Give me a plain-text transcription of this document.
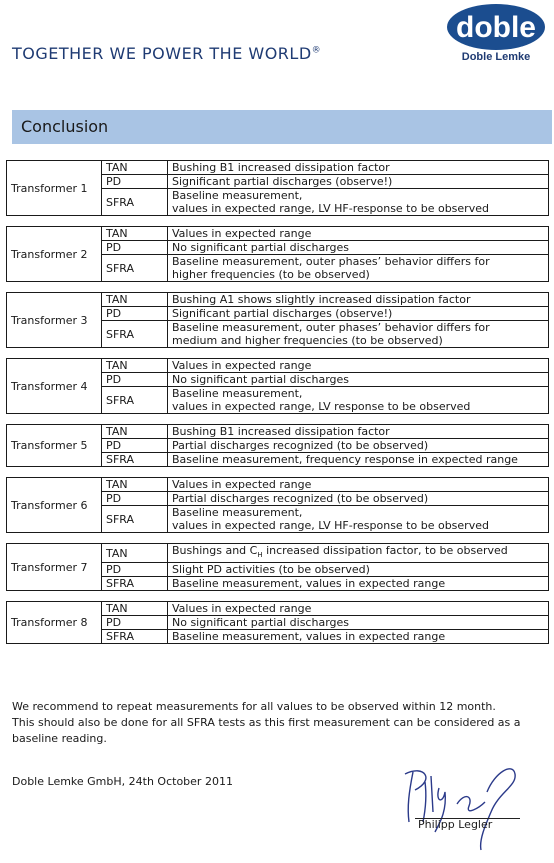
TOGETHER WE POWER THE WORLD®
doble
Doble Lemke
Conclusion
Transformer 1	TAN	Bushing B1 increased dissipation factor
	PD	Significant partial discharges (observe!)
	SFRA	Baseline measurement,
values in expected range, LV HF-response to be observed
Transformer 2	TAN	Values in expected range
	PD	No significant partial discharges
	SFRA	Baseline measurement, outer phases’ behavior differs for
higher frequencies (to be observed)
Transformer 3	TAN	Bushing A1 shows slightly increased dissipation factor
	PD	Significant partial discharges (observe!)
	SFRA	Baseline measurement, outer phases’ behavior differs for
medium and higher frequencies (to be observed)
Transformer 4	TAN	Values in expected range
	PD	No significant partial discharges
	SFRA	Baseline measurement,
values in expected range, LV response to be observed
Transformer 5	TAN	Bushing B1 increased dissipation factor
	PD	Partial discharges recognized (to be observed)
	SFRA	Baseline measurement, frequency response in expected range
Transformer 6	TAN	Values in expected range
	PD	Partial discharges recognized (to be observed)
	SFRA	Baseline measurement,
values in expected range, LV HF-response to be observed
Transformer 7	TAN	Bushings and $C_H$ increased dissipation factor, to be observed
	PD	Slight PD activities (to be observed)
	SFRA	Baseline measurement, values in expected range
Transformer 8	TAN	Values in expected range
	PD	No significant partial discharges
	SFRA	Baseline measurement, values in expected range
We recommend to repeat measurements for all values to be observed within 12 month.
This should also be done for all SFRA tests as this first measurement can be considered as a
baseline reading.
Doble Lemke GmbH, 24th October 2011
Philipp Legler
